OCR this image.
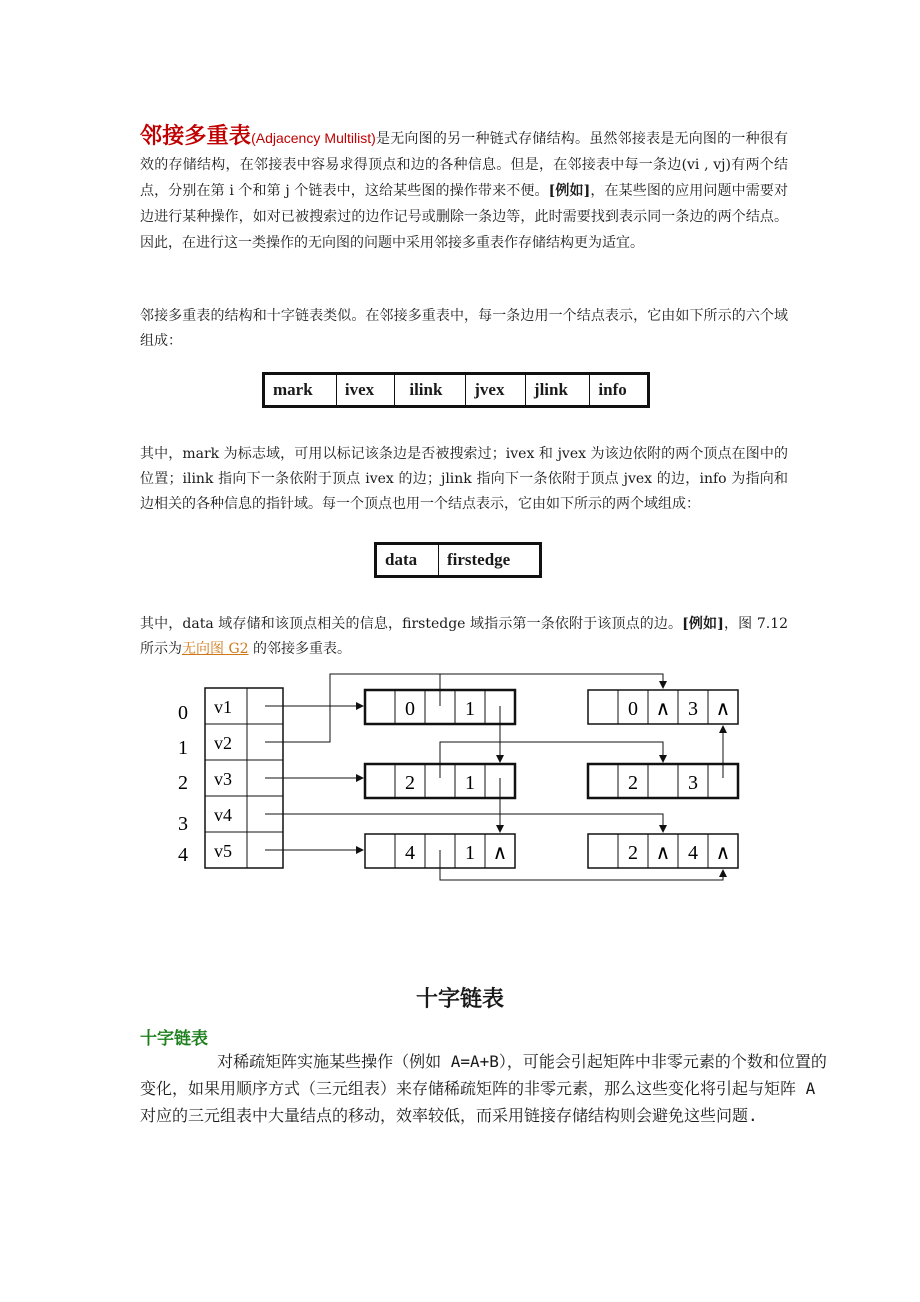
邻接多重表(Adjacency Multilist)是无向图的另一种链式存储结构。虽然邻接表是无向图的一种很有效的存储结构，在邻接表中容易求得顶点和边的各种信息。但是，在邻接表中每一条边(vi , vj)有两个结点，分别在第 i 个和第 j 个链表中，这给某些图的操作带来不便。[例如]，在某些图的应用问题中需要对边进行某种操作，如对已被搜索过的边作记号或删除一条边等，此时需要找到表示同一条边的两个结点。因此，在进行这一类操作的无向图的问题中采用邻接多重表作存储结构更为适宜。

邻接多重表的结构和十字链表类似。在邻接多重表中，每一条边用一个结点表示，它由如下所示的六个域组成：

mark	ivex	ilink	jvex	jlink	info

其中，mark 为标志域，可用以标记该条边是否被搜索过；ivex 和 jvex 为该边依附的两个顶点在图中的位置；ilink 指向下一条依附于顶点 ivex 的边；jlink 指向下一条依附于顶点 jvex 的边，info 为指向和边相关的各种信息的指针域。每一个顶点也用一个结点表示，它由如下所示的两个域组成：

data	firstedge

其中，data 域存储和该顶点相关的信息，firstedge 域指示第一条依附于该顶点的边。[例如]，图 7.12 所示为无向图 G2 的邻接多重表。

0
1
2
3
4
v1
v2
v3
v4
v5
0	1	0 ∧ 3 ∧
2	1	2	3
4	1 ∧	2 ∧ 4 ∧
十字链表
十字链表

对稀疏矩阵实施某些操作（例如 A=A+B），可能会引起矩阵中非零元素的个数和位置的变化，如果用顺序方式（三元组表）来存储稀疏矩阵的非零元素，那么这些变化将引起与矩阵 A 对应的三元组表中大量结点的移动，效率较低，而采用链接存储结构则会避免这些问题.
